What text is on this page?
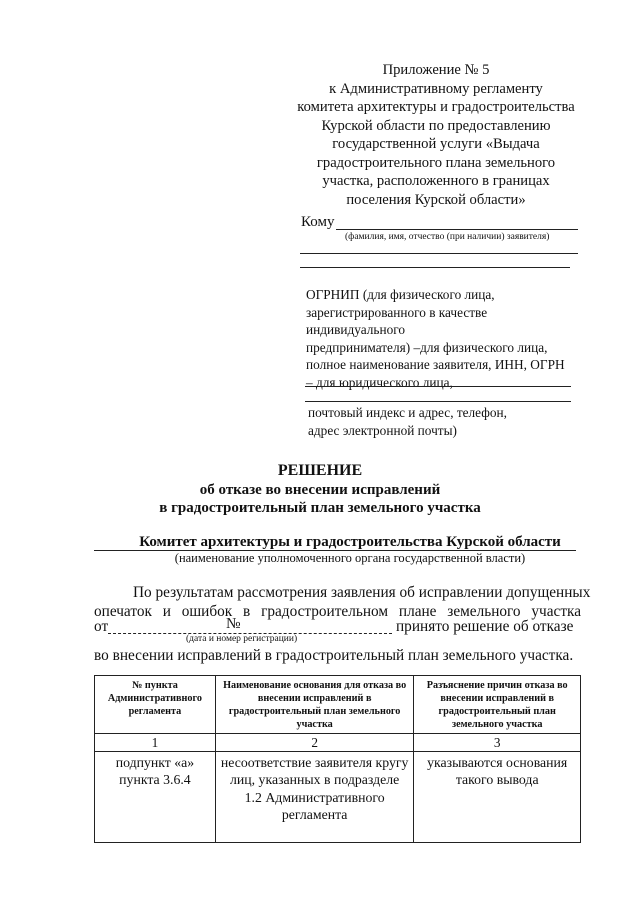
Приложение № 5
к Административному регламенту
комитета архитектуры и градостроительства
Курской области по предоставлению
государственной услуги «Выдача
градостроительного плана земельного
участка, расположенного в границах
поселения Курской области»
Кому
(фамилия, имя, отчество (при наличии) заявителя)
ОГРНИП (для физического лица,
зарегистрированного в качестве
индивидуального
предпринимателя) –для физического лица,
полное наименование заявителя, ИНН, ОГРН
– для юридического лица,
почтовый индекс и адрес, телефон,
адрес электронной почты)
РЕШЕНИЕ
об отказе во внесении исправлений
в градостроительный план земельного участка
Комитет архитектуры и градостроительства Курской области
(наименование уполномоченного органа государственной власти)
По результатам рассмотрения заявления об исправлении допущенных
опечаток и ошибок в градостроительном плане земельного участка
от	№	принято решение об отказе
(дата и номер регистрации)
во внесении исправлений в градостроительный план земельного участка.
№ пункта Административного регламента	Наименование основания для отказа во внесении исправлений в градостроительный план земельного участка	Разъяснение причин отказа во внесении исправлений в градостроительный план земельного участка
1	2	3
подпункт «а» пункта 3.6.4	несоответствие заявителя кругу лиц, указанных в подразделе 1.2 Административного регламента	указываются основания такого вывода
